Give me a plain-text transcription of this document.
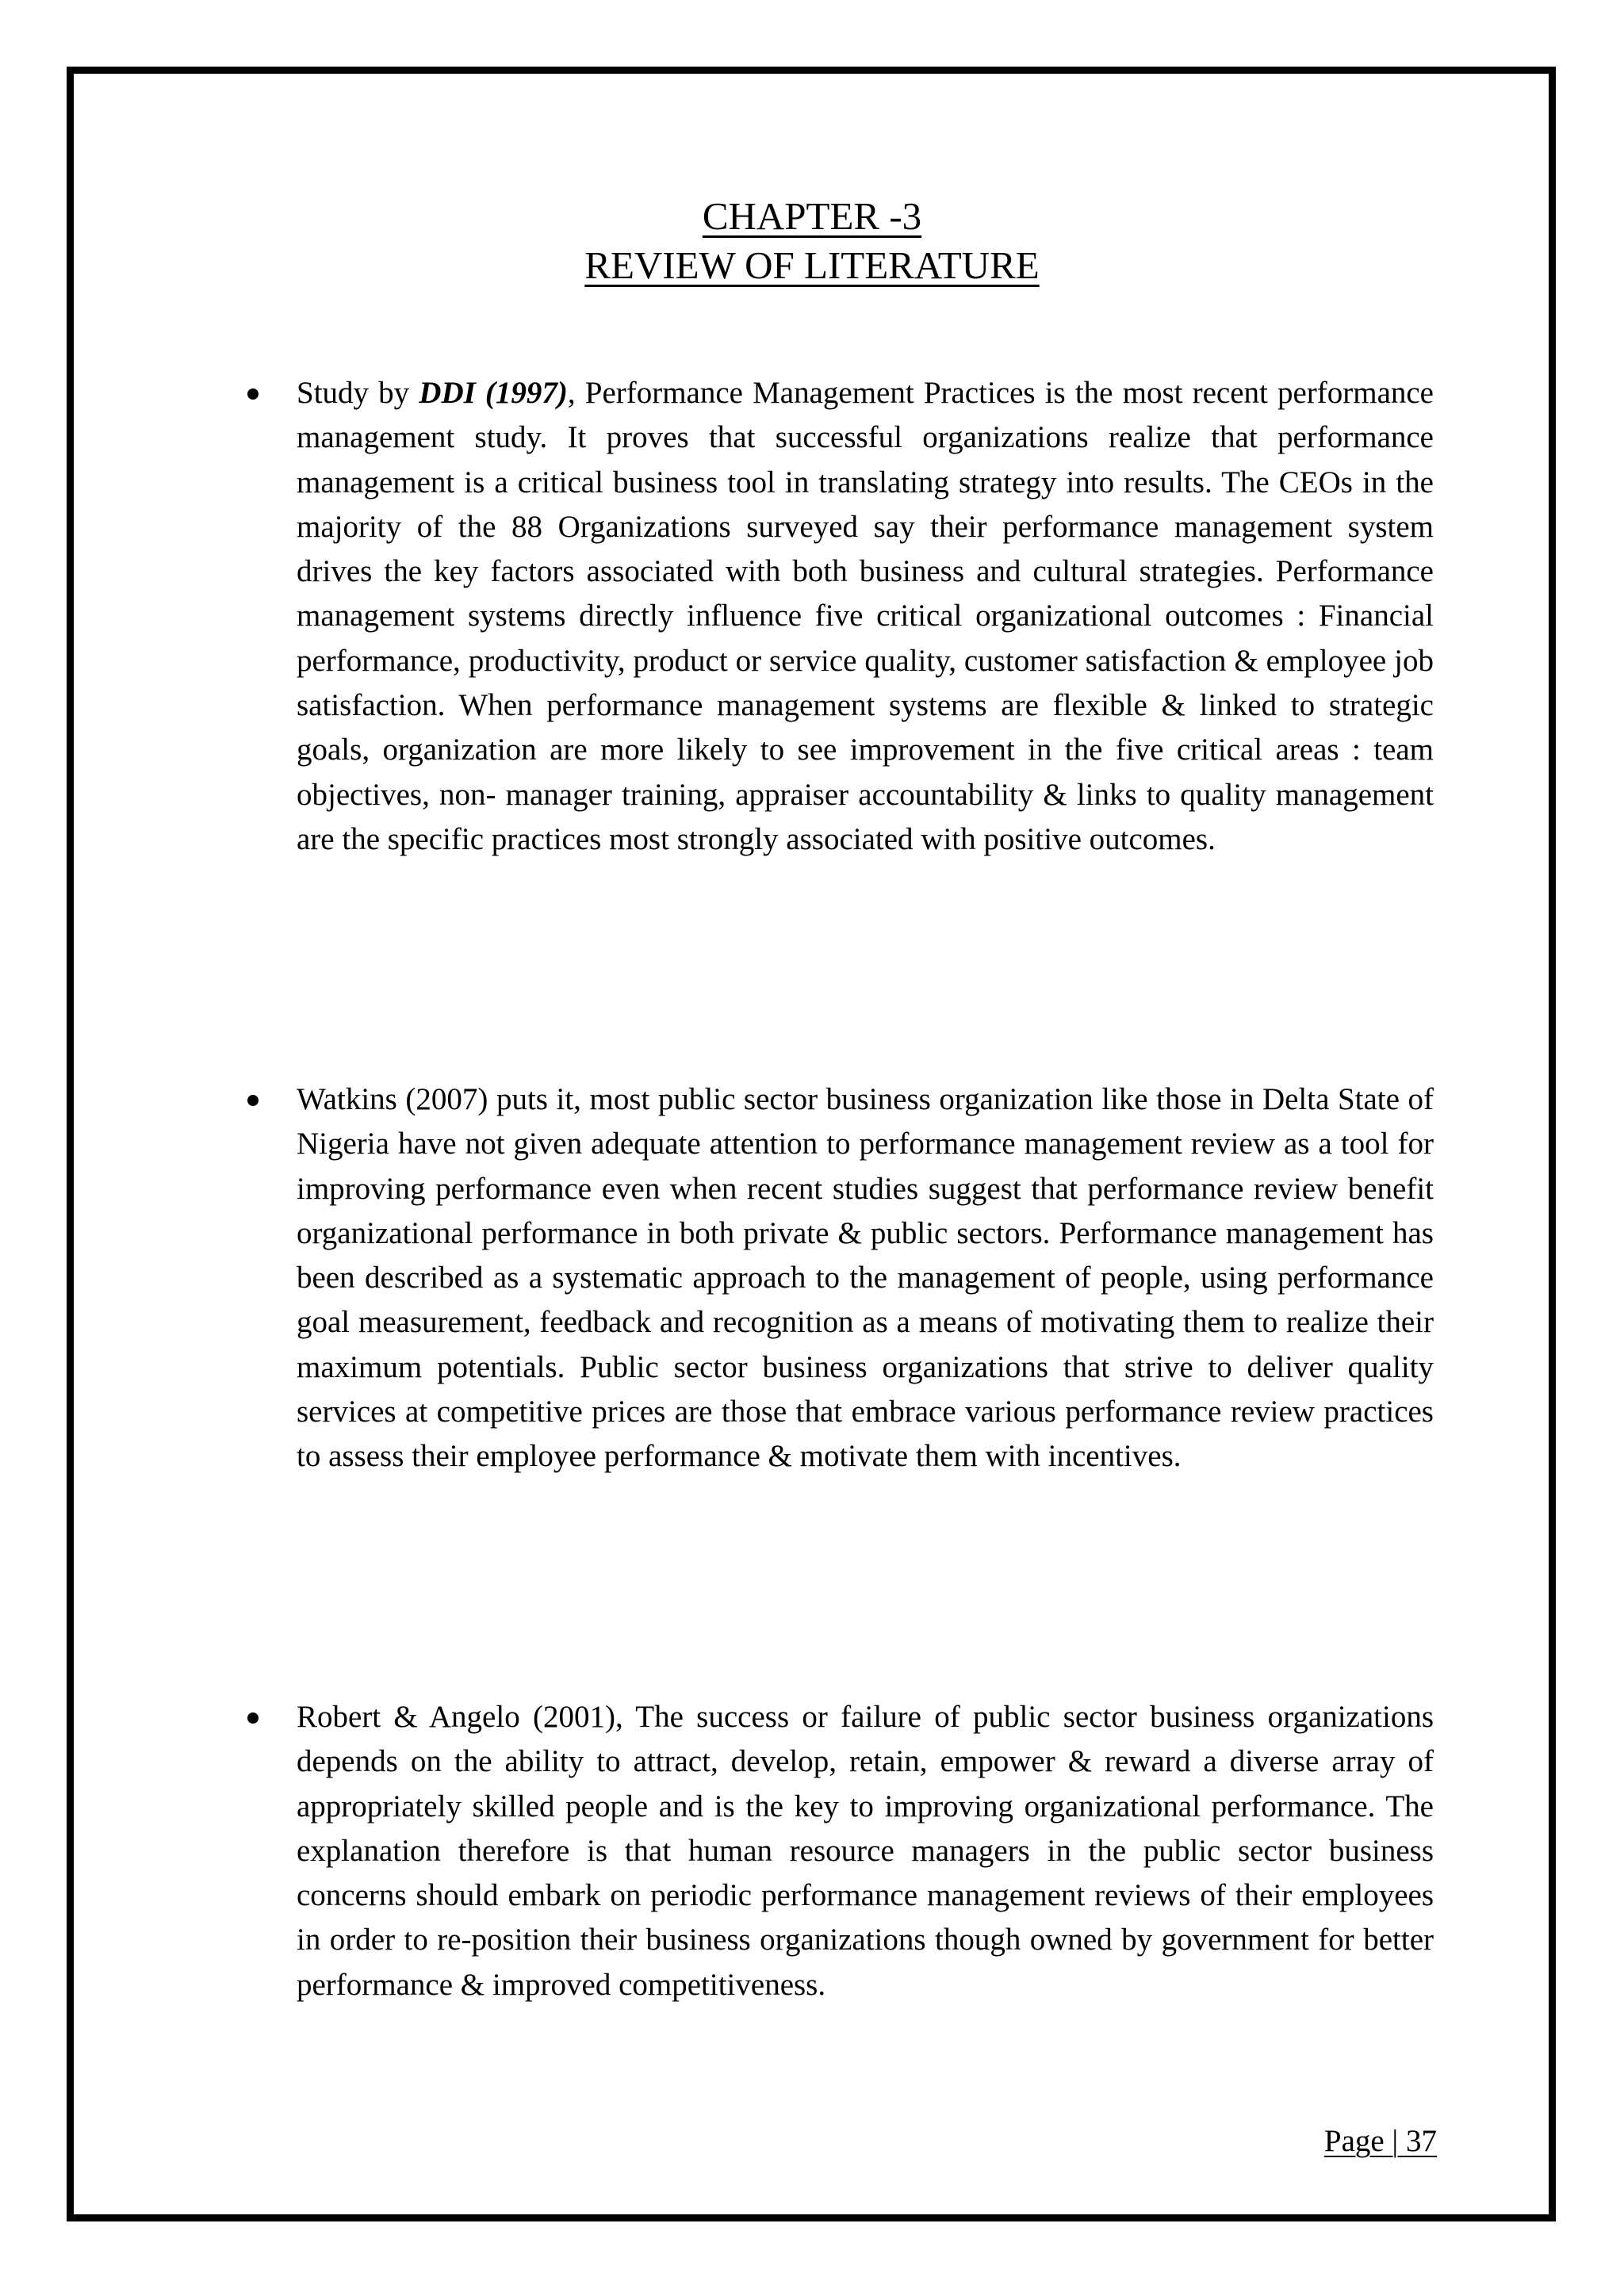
CHAPTER -3
REVIEW OF LITERATURE

Study by DDI (1997), Performance Management Practices is the most recent performance management study. It proves that successful organizations realize that performance management is a critical business tool in translating strategy into results. The CEOs in the majority of the 88 Organizations surveyed say their performance management system drives the key factors associated with both business and cultural strategies. Performance management systems directly influence five critical organizational outcomes : Financial performance, productivity, product or service quality, customer satisfaction & employee job satisfaction. When performance management systems are flexible & linked to strategic goals, organization are more likely to see improvement in the five critical areas : team objectives, non- manager training, appraiser accountability & links to quality management are the specific practices most strongly associated with positive outcomes.

Watkins (2007) puts it, most public sector business organization like those in Delta State of Nigeria have not given adequate attention to performance management review as a tool for improving performance even when recent studies suggest that performance review benefit organizational performance in both private & public sectors. Performance management has been described as a systematic approach to the management of people, using performance goal measurement, feedback and recognition as a means of motivating them to realize their maximum potentials. Public sector business organizations that strive to deliver quality services at competitive prices are those that embrace various performance review practices to assess their employee performance & motivate them with incentives.

Robert & Angelo (2001), The success or failure of public sector business organizations depends on the ability to attract, develop, retain, empower & reward a diverse array of appropriately skilled people and is the key to improving organizational performance. The explanation therefore is that human resource managers in the public sector business concerns should embark on periodic performance management reviews of their employees in order to re-position their business organizations though owned by government for better performance & improved competitiveness.

Page | 37
